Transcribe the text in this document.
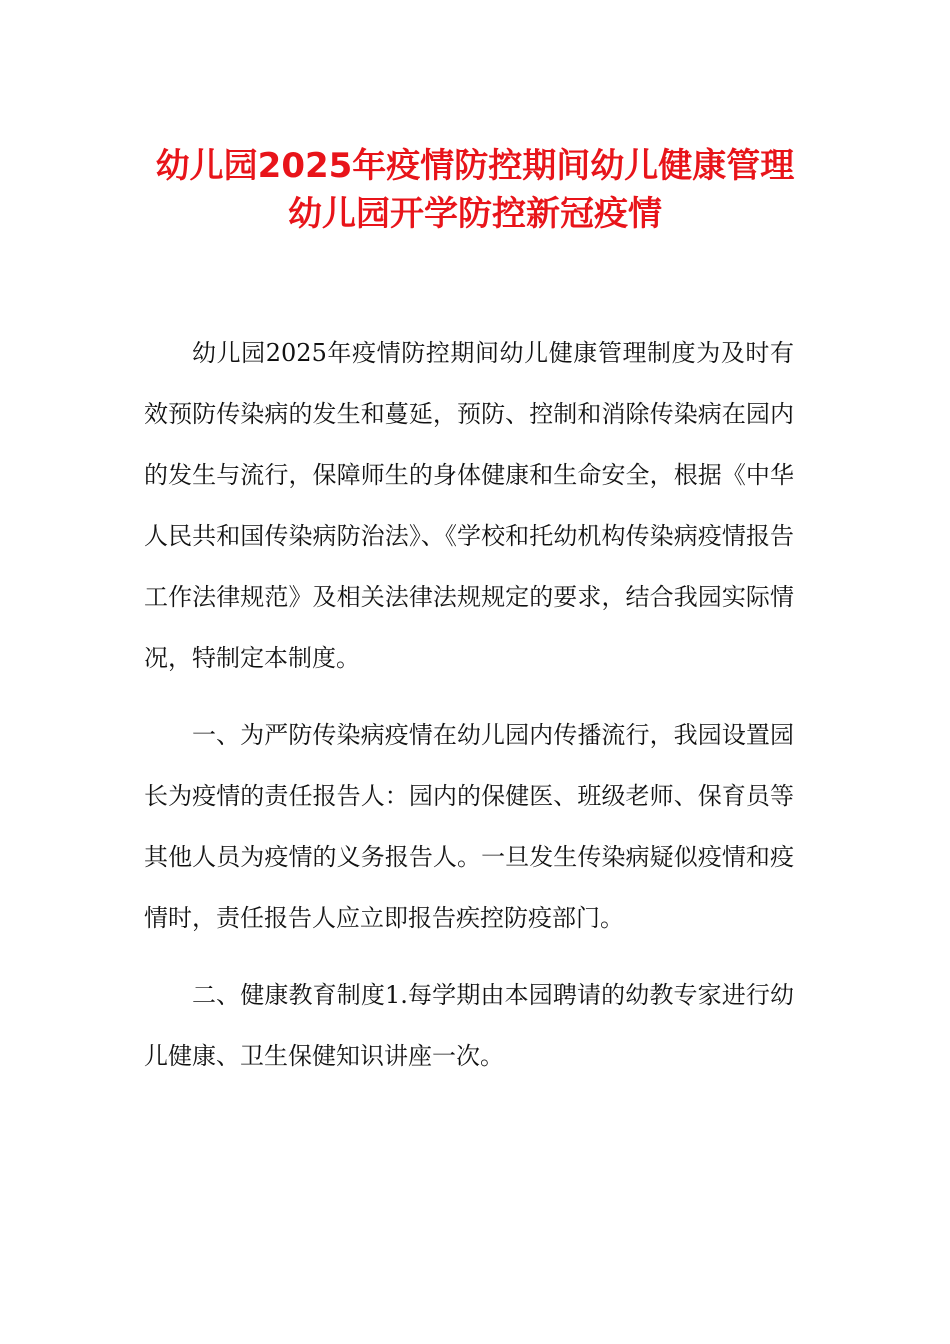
幼儿园2025年疫情防控期间幼儿健康管理
幼儿园开学防控新冠疫情

幼儿园2025年疫情防控期间幼儿健康管理制度为及时有效预防传染病的发生和蔓延，预防、控制和消除传染病在园内的发生与流行，保障师生的身体健康和生命安全，根据《中华人民共和国传染病防治法》、《学校和托幼机构传染病疫情报告工作法律规范》及相关法律法规规定的要求，结合我园实际情况，特制定本制度。

一、为严防传染病疫情在幼儿园内传播流行，我园设置园长为疫情的责任报告人：园内的保健医、班级老师、保育员等其他人员为疫情的义务报告人。一旦发生传染病疑似疫情和疫情时，责任报告人应立即报告疾控防疫部门。

二、健康教育制度1.每学期由本园聘请的幼教专家进行幼儿健康、卫生保健知识讲座一次。
